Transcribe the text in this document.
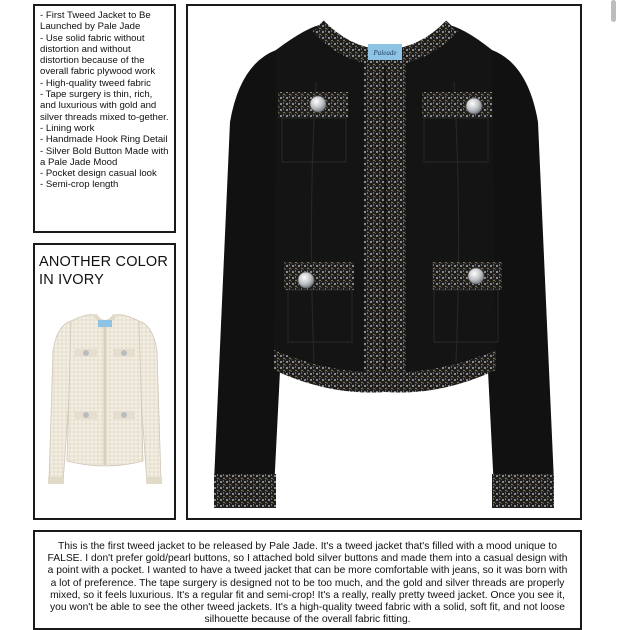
- First Tweed Jacket to Be Launched by Pale Jade
- Use solid fabric without distortion and without distortion because of the overall fabric plywood work
- High-quality tweed fabric
- Tape surgery is thin, rich, and luxurious with gold and silver threads mixed to-gether.
- Lining work
- Handmade Hook Ring Detail
- Silver Bold Button Made with a Pale Jade Mood
- Pocket design casual look
- Semi-crop length
ANOTHER COLOR
IN IVORY
Paleade

This is the first tweed jacket to be released by Pale Jade. It's a tweed jacket that's filled with a mood unique to FALSE. I don't prefer gold/pearl buttons, so I attached bold silver buttons and made them into a casual design with a point with a pocket. I wanted to have a tweed jacket that can be more comfortable with jeans, so it was born with a lot of preference. The tape surgery is designed not to be too much, and the gold and silver threads are properly mixed, so it feels luxurious. It's a regular fit and semi-crop! It's a really, really pretty tweed jacket. Once you see it, you won't be able to see the other tweed jackets. It's a high-quality tweed fabric with a solid, soft fit, and not loose silhouette because of the overall fabric fitting.
